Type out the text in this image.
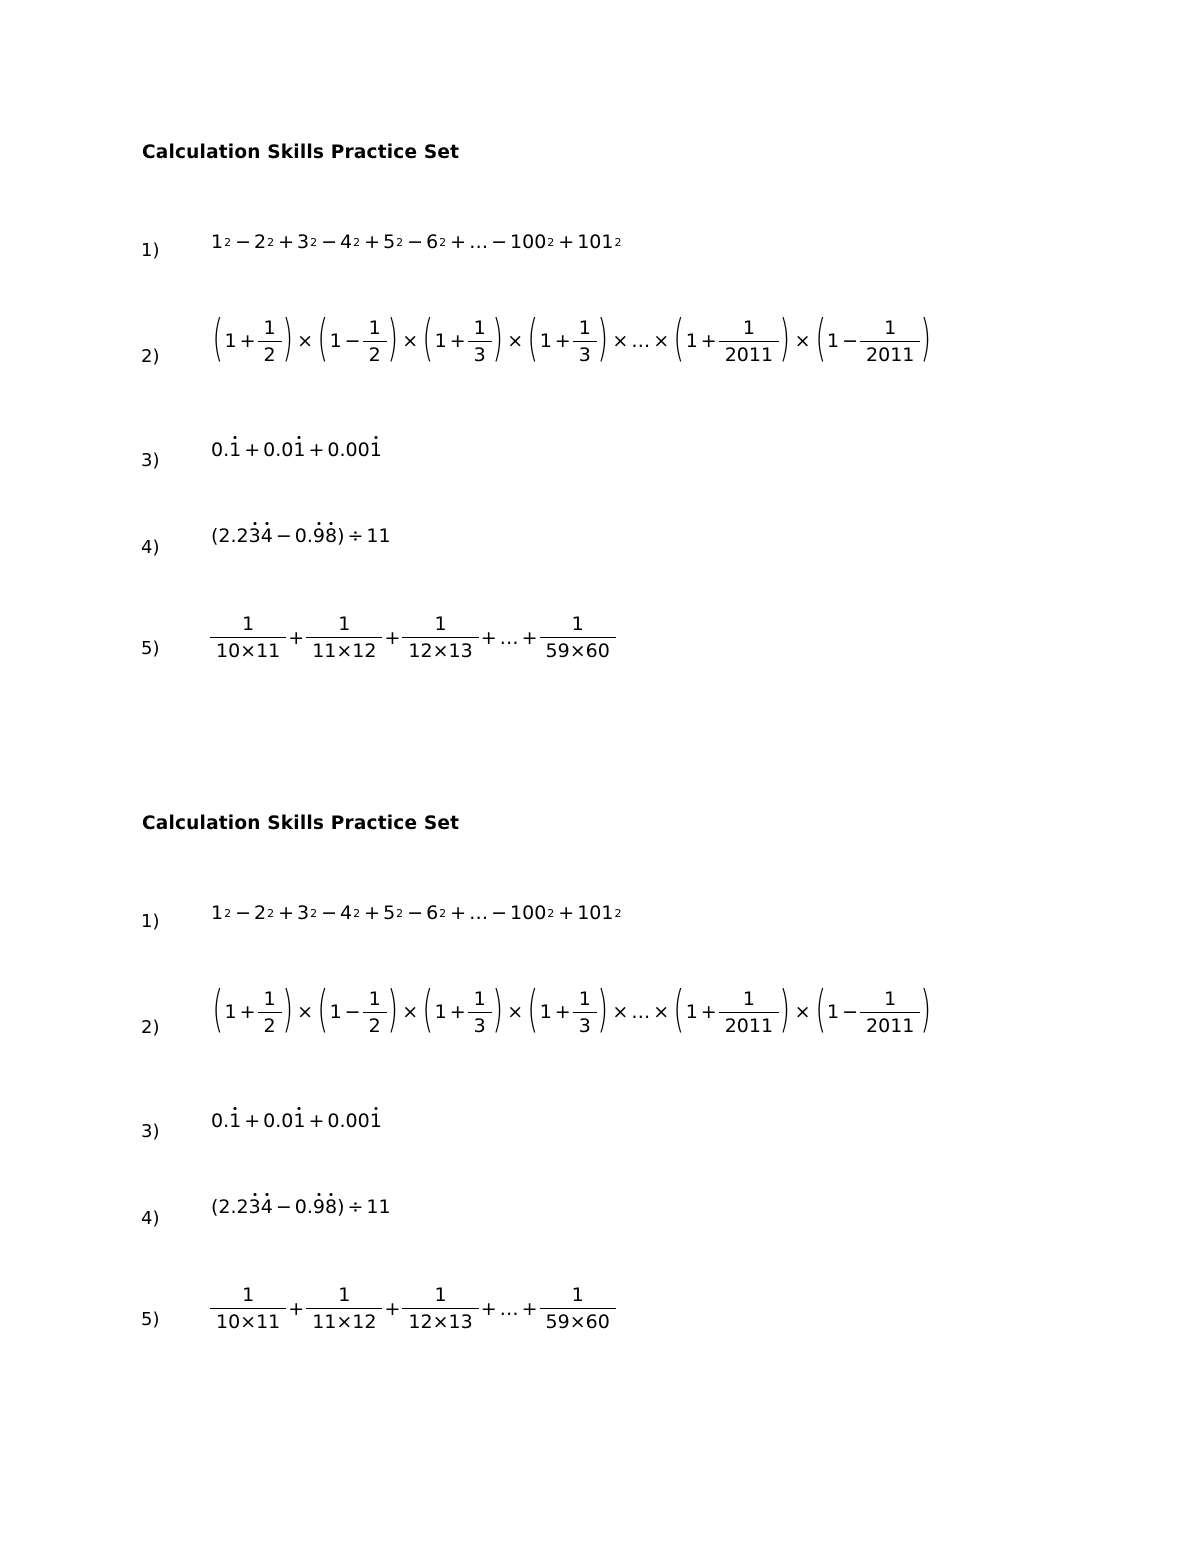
Calculation Skills Practice Set
1)	1 2 − 2 2 + 3 2 − 4 2 + 5 2 − 6 2 + … − 100 2 + 101 2
2) ( $1 + \frac{1}{2}$ ) × ( $1 - \frac{1}{2}$ ) × ( $1 + \frac{1}{3}$ ) × ( $1 + \frac{1}{3}$ ) × … × ( $1 + \frac{1}{2011}$ ) × ( $1 - \frac{1}{2011}$ )
3)	0. 1 + 0.0 1 + 0.00 1
4)
(2.2 3 4 − 0. 9 8 ) ÷ 11
5)	$\frac{1}{10\times 11} + \frac{1}{11\times 12} + \frac{1}{12\times 13}$ + … + $\frac{1}{59\times 60}$
Calculation Skills Practice Set
1)	1 2 − 2 2 + 3 2 − 4 2 + 5 2 − 6 2 + … − 100 2 + 101 2
2) ( $1 + \frac{1}{2}$ ) × ( $1 - \frac{1}{2}$ ) × ( $1 + \frac{1}{3}$ ) × ( $1 + \frac{1}{3}$ ) × … × ( $1 + \frac{1}{2011}$ ) × ( $1 - \frac{1}{2011}$ )
3)	0. 1 + 0.0 1 + 0.00 1
4)
(2.2 3 4 − 0. 9 8 ) ÷ 11
5)	$\frac{1}{10\times 11} + \frac{1}{11\times 12} + \frac{1}{12\times 13}$ + … + $\frac{1}{59\times 60}$
